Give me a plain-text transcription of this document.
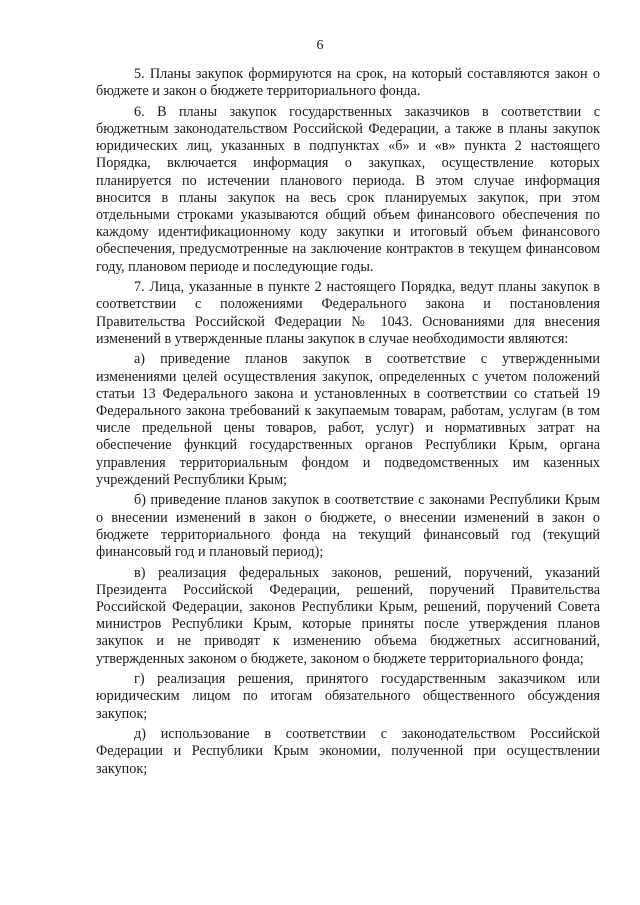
6

5. Планы закупок формируются на срок, на который составляются закон о бюджете и закон о бюджете территориального фонда.

6. В планы закупок государственных заказчиков в соответствии с бюджетным законодательством Российской Федерации, а также в планы закупок юридических лиц, указанных в подпунктах «б» и «в» пункта 2 настоящего Порядка, включается информация о закупках, осуществление которых планируется по истечении планового периода. В этом случае информация вносится в планы закупок на весь срок планируемых закупок, при этом отдельными строками указываются общий объем финансового обеспечения по каждому идентификационному коду закупки и итоговый объем финансового обеспечения, предусмотренные на заключение контрактов в текущем финансовом году, плановом периоде и последующие годы.

7. Лица, указанные в пункте 2 настоящего Порядка, ведут планы закупок в соответствии с положениями Федерального закона и постановления Правительства Российской Федерации № 1043. Основаниями для внесения изменений в утвержденные планы закупок в случае необходимости являются:

а) приведение планов закупок в соответствие с утвержденными изменениями целей осуществления закупок, определенных с учетом положений статьи 13 Федерального закона и установленных в соответствии со статьей 19 Федерального закона требований к закупаемым товарам, работам, услугам (в том числе предельной цены товаров, работ, услуг) и нормативных затрат на обеспечение функций государственных органов Республики Крым, органа управления территориальным фондом и подведомственных им казенных учреждений Республики Крым;

б) приведение планов закупок в соответствие с законами Республики Крым о внесении изменений в закон о бюджете, о внесении изменений в закон о бюджете территориального фонда на текущий финансовый год (текущий финансовый год и плановый период);

в) реализация федеральных законов, решений, поручений, указаний Президента Российской Федерации, решений, поручений Правительства Российской Федерации, законов Республики Крым, решений, поручений Совета министров Республики Крым, которые приняты после утверждения планов закупок и не приводят к изменению объема бюджетных ассигнований, утвержденных законом о бюджете, законом о бюджете территориального фонда;

г) реализация решения, принятого государственным заказчиком или юридическим лицом по итогам обязательного общественного обсуждения закупок;

д) использование в соответствии с законодательством Российской Федерации и Республики Крым экономии, полученной при осуществлении закупок;
